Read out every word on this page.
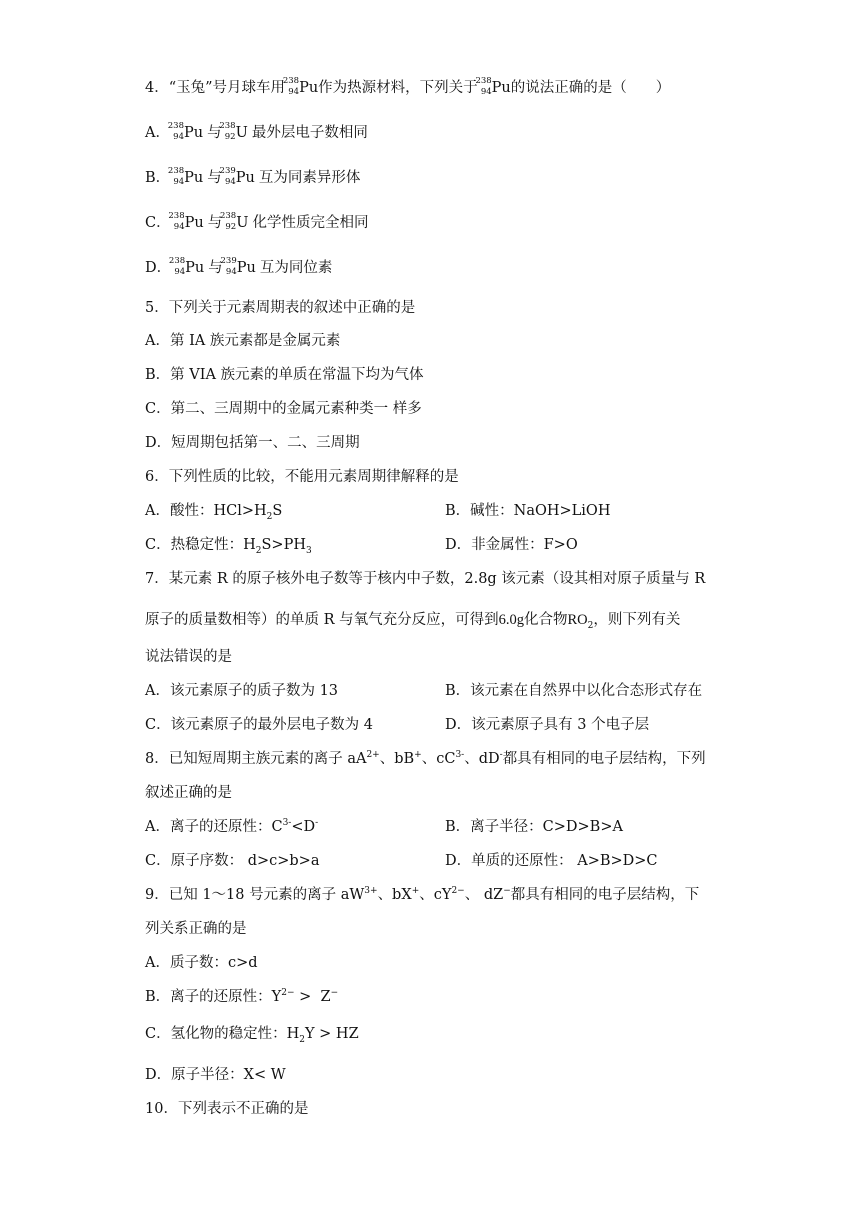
4．“玉兔”号月球车用
238
94 Pu作为热源材料，下列关于
238
94 Pu的说法正确的是（　　）
A．
238
94 Pu 与
238
92 U 最外层电子数相同
B．
238
94 Pu 与
239
94 Pu 互为同素异形体
C．
238
94 Pu 与
238
92 U 化学性质完全相同
D．
238
94 Pu 与
239
94 Pu 互为同位素
5．下列关于元素周期表的叙述中正确的是
A．第 IA 族元素都是金属元素
B．第 VIA 族元素的单质在常温下均为气体
C．第二、三周期中的金属元素种类一 样多
D．短周期包括第一、二、三周期
6．下列性质的比较，不能用元素周期律解释的是
A．酸性：$HCl>H_2S$	B．碱性：NaOH>LiOH
C．热稳定性：$H_2S>PH_3$	D．非金属性：F>O
7．某元素 R 的原子核外电子数等于核内中子数，2.8g 该元素（设其相对原子质量与 R
原子的质量数相等）的单质 R 与氧气充分反应，可得到6.0g化合物$RO_2$，则下列有关
说法错误的是
A．该元素原子的质子数为 13	B．该元素在自然界中以化合态形式存在
C．该元素原子的最外层电子数为 4	D．该元素原子具有 3 个电子层
8．已知短周期主族元素的离子 $aA^{2+}$、bB+、$cC^{3-}$、dD-都具有相同的电子层结构，下列
叙述正确的是
A．离子的还原性：$C^{3-}<D^-$	B．离子半径：C>D>B>A
C．原子序数： d>c>b>a	D．单质的还原性： A>B>D>C
9．已知 1～18 号元素的离子 $aW^{3+}$、bX+、$cY^{2-}$、 dZ−都具有相同的电子层结构，下
列关系正确的是
A．质子数：c>d
B．离子的还原性：$Y^{2-} > Z^-$
C．氢化物的稳定性：$H_2Y$ > HZ
D．原子半径：X< W
10．下列表示不正确的是
